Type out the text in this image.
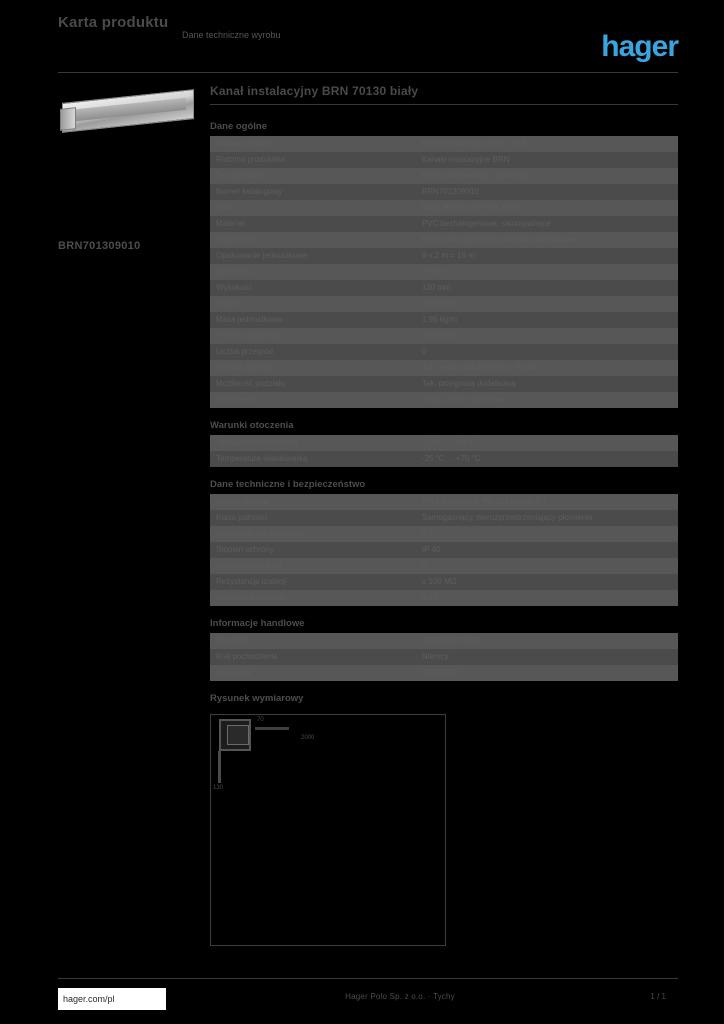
Karta produktu
Dane techniczne wyrobu	hager
BRN701309010
Kanał instalacyjny BRN 70130 biały
Dane ogólne
Nazwa produktu	Kanał instalacyjny BRN 70130
Rodzina produktów	Kanały instalacyjne BRN
Typ produktu	Kanał podstawowy z pokrywą
Numer katalogowy	BRN701309010
Kolor	biały, zbliżony do RAL 9010
Materiał	PVC bezhalogenowe, samogasnące
Wykonanie	Kanał dwuczęściowy, pokrywa zatrzaskowa
Opakowanie jednostkowe	8 x 2 m = 16 m
Szerokość	70 mm
Wysokość	130 mm
Długość	2000 mm
Masa jednostkowa	1,95 kg/m
Przekrój użytkowy	7600 mm²
Liczba przegród	0
Montaż osprzętu	Tak, seria modułowa 50 x 50 mm
Możliwość podziału	Tak, przegrodą dodatkową
Mocowanie	Śruby / kołki rozporowe
Warunki otoczenia
Temperatura otoczenia	-5 °C ... +60 °C
Temperatura składowania	-25 °C ... +70 °C
Dane techniczne i bezpieczeństwo
Norma wyrobu	PN-EN 50085-1, PN-EN 50085-2-1
Klasa palności	Samogasnący, nierozprzestrzeniający płomienia
Odporność na uderzenie	2 J
Stopień ochrony	IP 40
Klasa ochronności	II
Rezystancja izolacji	≥ 100 MΩ
Napięcie probiercze	2 kV
Informacje handlowe
Kod EAN	3250616701304
Kraj pochodzenia	Niemcy
Kod celny	39251000
Rysunek wymiarowy
70
130
2000
hager.com/pl	Hager Polo Sp. z o.o. · Tychy	1 / 1
